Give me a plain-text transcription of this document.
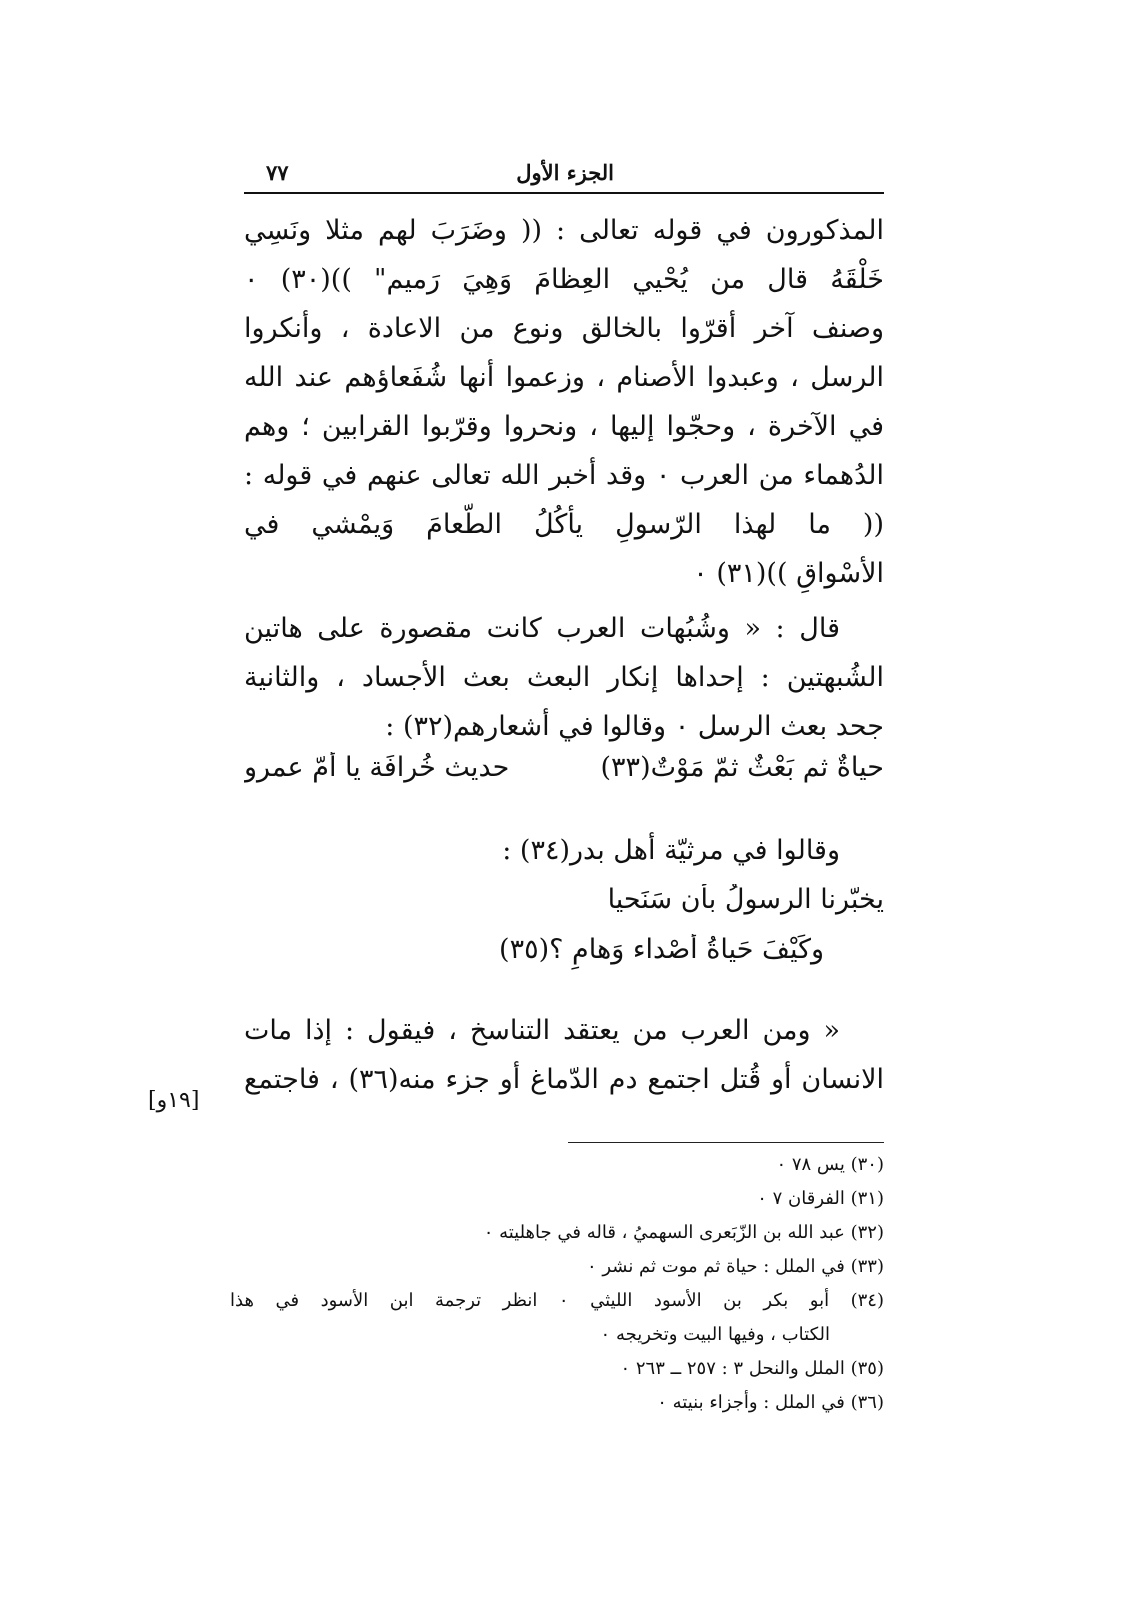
الجزء الأول
٧٧
المذكورون في قوله تعالى : (( وضَرَبَ لهم مثلا ونَسِي
خَلْقَهُ قال من يُحْيي العِظامَ وَهِيَ رَميم" ))(٣٠) ٠
وصنف آخر أقرّوا بالخالق ونوع من الاعادة ، وأنكروا
الرسل ، وعبدوا الأصنام ، وزعموا أنها شُفَعاؤهم عند الله
في الآخرة ، وحجّوا إليها ، ونحروا وقرّبوا القرابين ؛ وهم
الدُهماء من العرب ٠ وقد أخبر الله تعالى عنهم في قوله :
(( ما لهذا الرّسولِ يأكُلُ الطّعامَ وَيمْشي في
الأسْواقِ ))(٣١) ٠
قال : « وشُبُهات العرب كانت مقصورة على هاتين
الشُبهتين : إحداها إنكار البعث بعث الأجساد ، والثانية
جحد بعث الرسل ٠ وقالوا في أشعارهم(٣٢) :
حياةٌ ثم بَعْثٌ ثمّ مَوْتٌ(٣٣)
حديث خُرافَة يا أمّ عمرو
وقالوا في مرثيّة أهل بدر(٣٤) :
يخبّرنا الرسولُ بأن سَنَحيا
وكَيْفَ حَياةُ أصْداء وَهامِ ؟(٣٥)
« ومن العرب من يعتقد التناسخ ، فيقول : إذا مات
الانسان أو قُتل اجتمع دم الدّماغ أو جزء منه(٣٦) ، فاجتمع
[١٩و]
(٣٠) يس ٧٨ ٠
(٣١) الفرقان ٧ ٠
(٣٢) عبد الله بن الزّبَعرى السهميُ ، قاله في جاهليته ٠
(٣٣) في الملل : حياة ثم موت ثم نشر ٠
(٣٤) أبو بكر بن الأسود الليثي ٠ انظر ترجمة ابن الأسود في هذا
الكتاب ، وفيها البيت وتخريجه ٠
(٣٥) الملل والنحل ٣ : ٢٥٧ ــ ٢٦٣ ٠
(٣٦) في الملل : وأجزاء بنيته ٠
